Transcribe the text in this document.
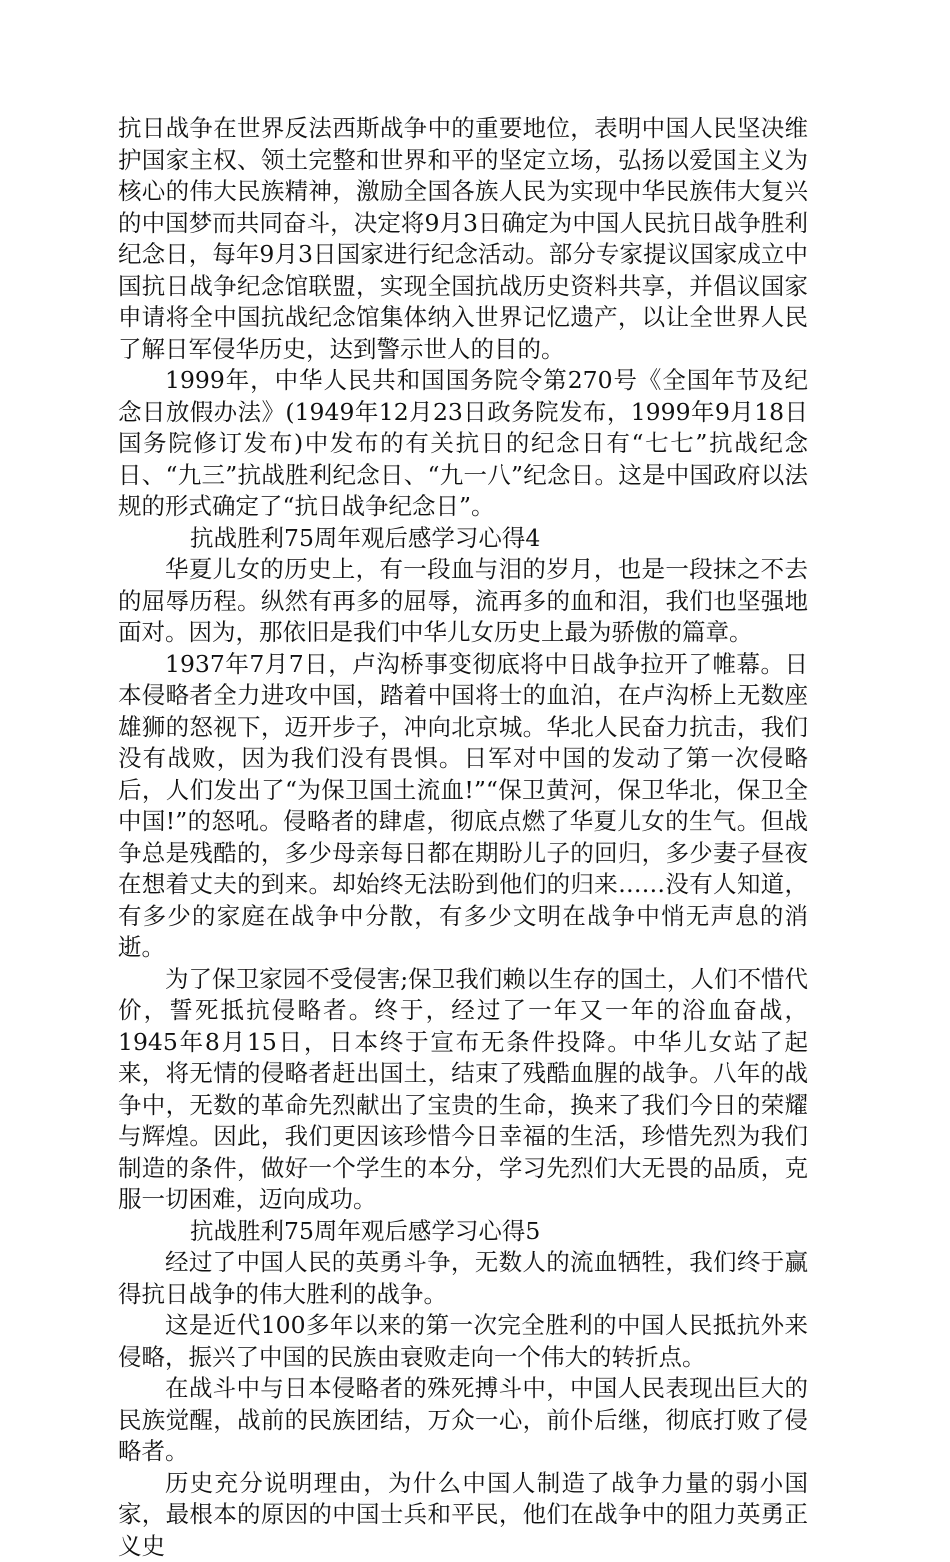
抗日战争在世界反法西斯战争中的重要地位，表明中国人民坚决维护国家主权、领土完整和世界和平的坚定立场，弘扬以爱国主义为核心的伟大民族精神，激励全国各族人民为实现中华民族伟大复兴的中国梦而共同奋斗，决定将9月3日确定为中国人民抗日战争胜利纪念日，每年9月3日国家进行纪念活动。部分专家提议国家成立中国抗日战争纪念馆联盟，实现全国抗战历史资料共享，并倡议国家申请将全中国抗战纪念馆集体纳入世界记忆遗产，以让全世界人民了解日军侵华历史，达到警示世人的目的。

1999年，中华人民共和国国务院令第270号《全国年节及纪念日放假办法》(1949年12月23日政务院发布，1999年9月18日国务院修订发布)中发布的有关抗日的纪念日有“七七”抗战纪念日、“九三”抗战胜利纪念日、“九一八”纪念日。这是中国政府以法规的形式确定了“抗日战争纪念日”。

抗战胜利75周年观后感学习心得4

华夏儿女的历史上，有一段血与泪的岁月，也是一段抹之不去的屈辱历程。纵然有再多的屈辱，流再多的血和泪，我们也坚强地面对。因为，那依旧是我们中华儿女历史上最为骄傲的篇章。

1937年7月7日，卢沟桥事变彻底将中日战争拉开了帷幕。日本侵略者全力进攻中国，踏着中国将士的血泊，在卢沟桥上无数座雄狮的怒视下，迈开步子，冲向北京城。华北人民奋力抗击，我们没有战败，因为我们没有畏惧。日军对中国的发动了第一次侵略后，人们发出了“为保卫国土流血!”“保卫黄河，保卫华北，保卫全中国!”的怒吼。侵略者的肆虐，彻底点燃了华夏儿女的生气。但战争总是残酷的，多少母亲每日都在期盼儿子的回归，多少妻子昼夜在想着丈夫的到来。却始终无法盼到他们的归来……没有人知道，有多少的家庭在战争中分散，有多少文明在战争中悄无声息的消逝。

为了保卫家园不受侵害;保卫我们赖以生存的国土，人们不惜代价，誓死抵抗侵略者。终于，经过了一年又一年的浴血奋战，1945年8月15日，日本终于宣布无条件投降。中华儿女站了起来，将无情的侵略者赶出国土，结束了残酷血腥的战争。八年的战争中，无数的革命先烈献出了宝贵的生命，换来了我们今日的荣耀与辉煌。因此，我们更因该珍惜今日幸福的生活，珍惜先烈为我们制造的条件，做好一个学生的本分，学习先烈们大无畏的品质，克服一切困难，迈向成功。

抗战胜利75周年观后感学习心得5

经过了中国人民的英勇斗争，无数人的流血牺牲，我们终于赢得抗日战争的伟大胜利的战争。

这是近代100多年以来的第一次完全胜利的中国人民抵抗外来侵略，振兴了中国的民族由衰败走向一个伟大的转折点。

在战斗中与日本侵略者的殊死搏斗中，中国人民表现出巨大的民族觉醒，战前的民族团结，万众一心，前仆后继，彻底打败了侵略者。

历史充分说明理由，为什么中国人制造了战争力量的弱小国家，最根本的原因的中国士兵和平民，他们在战争中的阻力英勇正义史
